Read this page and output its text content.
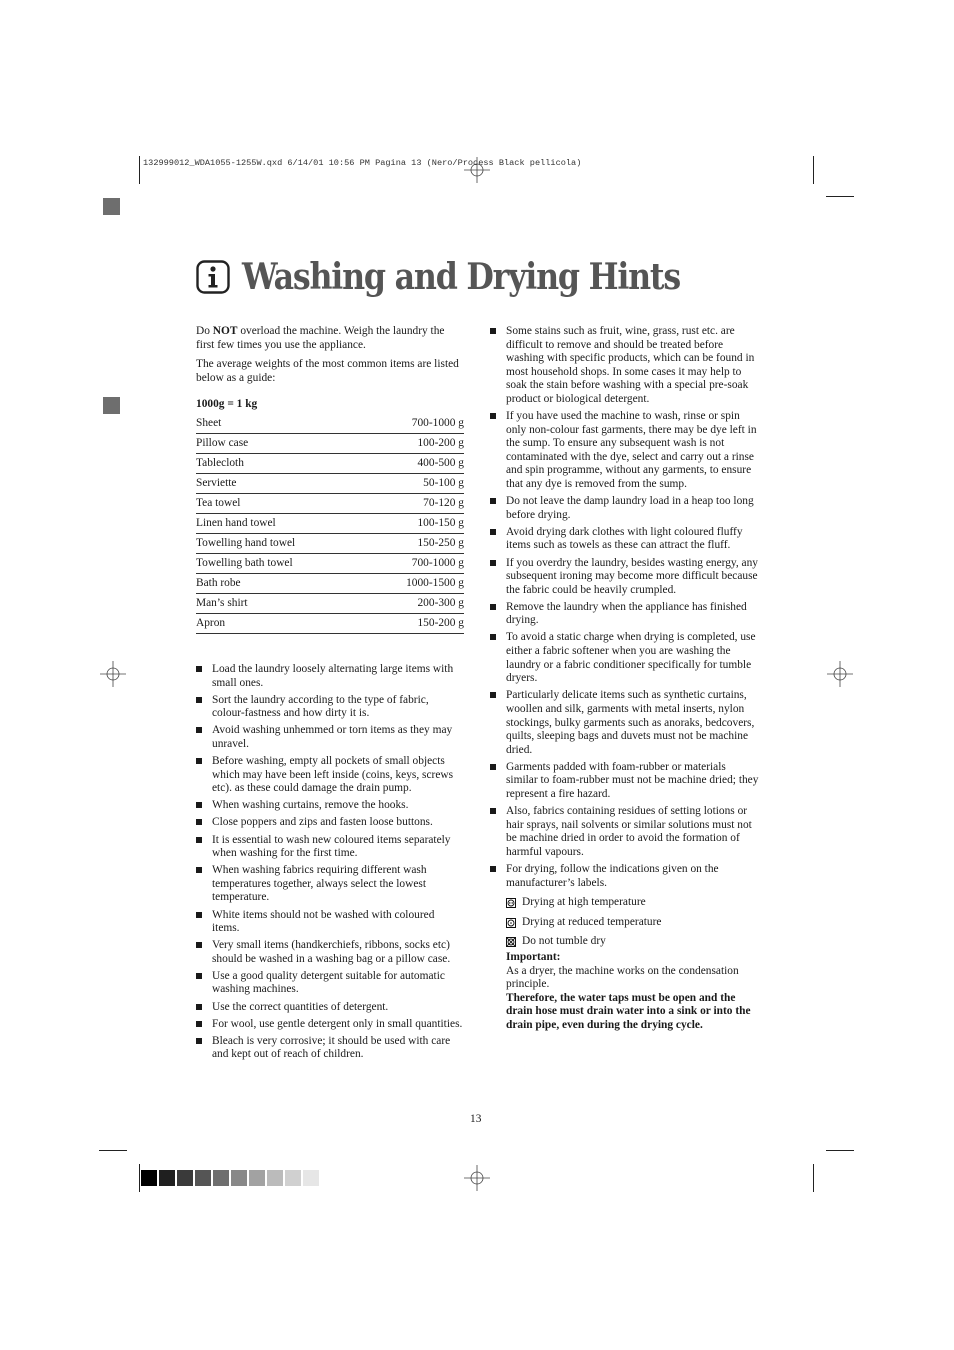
132999012_WDA1055-1255W.qxd 6/14/01 10:56 PM Pagina 13 (Nero/Process Black pellicola)
Washing and Drying Hints

Do NOT overload the machine. Weigh the laundry the first few times you use the appliance.

The average weights of the most common items are listed below as a guide:

1000g = 1 kg
Sheet	700-1000 g
Pillow case	100-200 g
Tablecloth	400-500 g
Serviette	50-100 g
Tea towel	70-120 g
Linen hand towel	100-150 g
Towelling hand towel	150-250 g
Towelling bath towel	700-1000 g
Bath robe	1000-1500 g
Man’s shirt	200-300 g
Apron	150-200 g
Load the laundry loosely alternating large items with small ones.
Sort the laundry according to the type of fabric, colour-fastness and how dirty it is.
Avoid washing unhemmed or torn items as they may unravel.
Before washing, empty all pockets of small objects which may have been left inside (coins, keys, screws etc). as these could damage the drain pump.
When washing curtains, remove the hooks.
Close poppers and zips and fasten loose buttons.
It is essential to wash new coloured items separately when washing for the first time.
When washing fabrics requiring different wash temperatures together, always select the lowest temperature.
White items should not be washed with coloured items.
Very small items (handkerchiefs, ribbons, socks etc) should be washed in a washing bag or a pillow case.
Use a good quality detergent suitable for automatic washing machines.
Use the correct quantities of detergent.
For wool, use gentle detergent only in small quantities.
Bleach is very corrosive; it should be used with care and kept out of reach of children.
Some stains such as fruit, wine, grass, rust etc. are difficult to remove and should be treated before washing with specific products, which can be found in most household shops. In some cases it may help to soak the stain before washing with a special pre-soak product or biological detergent.
If you have used the machine to wash, rinse or spin only non-colour fast garments, there may be dye left in the sump. To ensure any subsequent wash is not contaminated with the dye, select and carry out a rinse and spin programme, without any garments, to ensure that any dye is removed from the sump.
Do not leave the damp laundry load in a heap too long before drying.
Avoid drying dark clothes with light coloured fluffy items such as towels as these can attract the fluff.
If you overdry the laundry, besides wasting energy, any subsequent ironing may become more difficult because the fabric could be heavily crumpled.
Remove the laundry when the appliance has finished drying.
To avoid a static charge when drying is completed, use either a fabric softener when you are washing the laundry or a fabric conditioner specifically for tumble dryers.
Particularly delicate items such as synthetic curtains, woollen and silk, garments with metal inserts, nylon stockings, bulky garments such as anoraks, bedcovers, quilts, sleeping bags and duvets must not be machine dried.
Garments padded with foam-rubber or materials similar to foam-rubber must not be machine dried; they represent a fire hazard.
Also, fabrics containing residues of setting lotions or hair sprays, nail solvents or similar solutions must not be machine dried in order to avoid the formation of harmful vapours.
For drying, follow the indications given on the manufacturer’s labels.
Drying at high temperature
Drying at reduced temperature
Do not tumble dry
Important:
As a dryer, the machine works on the condensation principle.
Therefore, the water taps must be open and the drain hose must drain water into a sink or into the drain pipe, even during the drying cycle.
13
